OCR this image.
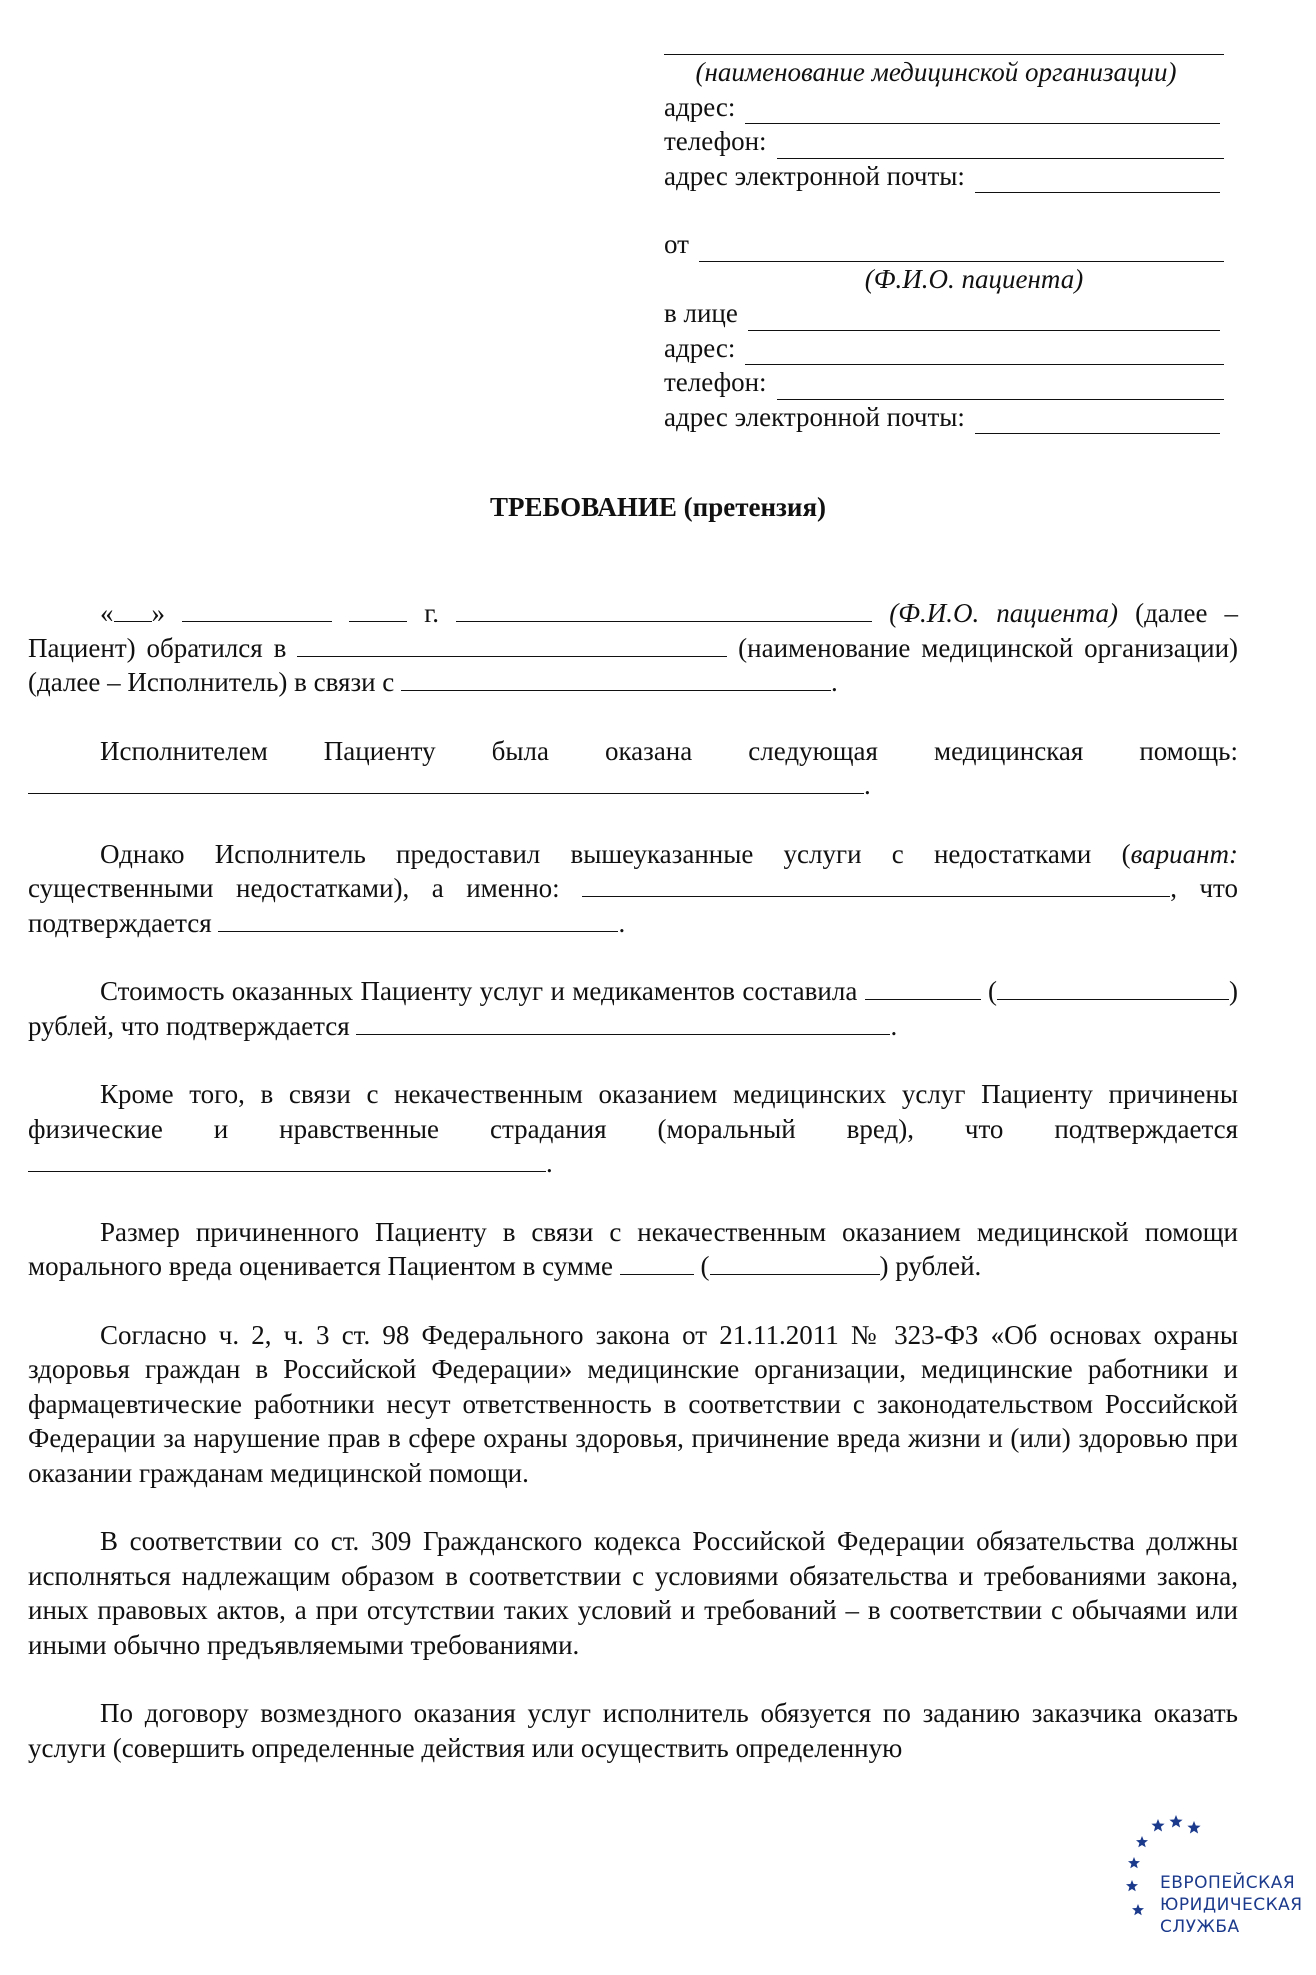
(наименование медицинской организации)
адрес:
телефон:
адрес электронной почты:
от
(Ф.И.О. пациента)
в лице
адрес:
телефон:
адрес электронной почты:
ТРЕБОВАНИЕ (претензия)

« »	г.	(Ф.И.О. пациента) (далее – Пациент) обратился в	(наименование медицинской организации) (далее – Исполнитель) в связи с	.

Исполнителем Пациенту была оказана следующая медицинская помощь: .

Однако Исполнитель предоставил вышеуказанные услуги с недостатками (вариант: существенными недостатками), а именно:	, что подтверждается	.

Стоимость оказанных Пациенту услуг и медикаментов составила	(	) рублей, что подтверждается	.

Кроме того, в связи с некачественным оказанием медицинских услуг Пациенту причинены физические и нравственные страдания (моральный вред), что подтверждается .

Размер причиненного Пациенту в связи с некачественным оказанием медицинской помощи морального вреда оценивается Пациентом в сумме	(	) рублей.

Согласно ч. 2, ч. 3 ст. 98 Федерального закона от 21.11.2011 № 323-ФЗ «Об основах охраны здоровья граждан в Российской Федерации» медицинские организации, медицинские работники и фармацевтические работники несут ответственность в соответствии с законодательством Российской Федерации за нарушение прав в сфере охраны здоровья, причинение вреда жизни и (или) здоровью при оказании гражданам медицинской помощи.

В соответствии со ст. 309 Гражданского кодекса Российской Федерации обязательства должны исполняться надлежащим образом в соответствии с условиями обязательства и требованиями закона, иных правовых актов, а при отсутствии таких условий и требований – в соответствии с обычаями или иными обычно предъявляемыми требованиями.

По договору возмездного оказания услуг исполнитель обязуется по заданию заказчика оказать услуги (совершить определенные действия или осуществить определенную

ЕВРОПЕЙСКАЯ
ЮРИДИЧЕСКАЯ
СЛУЖБА
